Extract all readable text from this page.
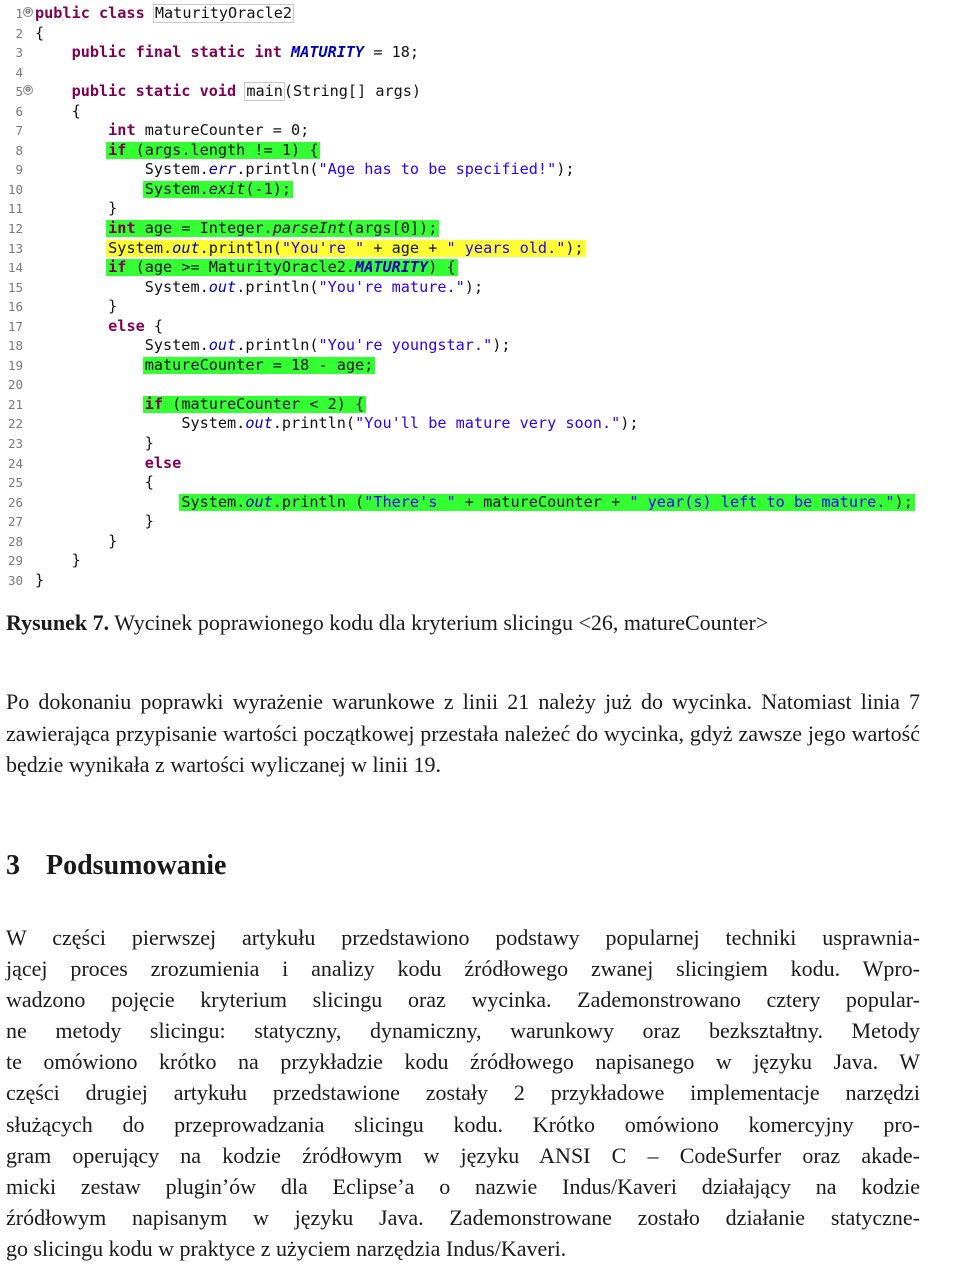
1 ⊖ public class MaturityOracle2
2 {
3	public final static int MATURITY = 18;
4
5 ⊖	public static void main(String[] args)
6	{
7	int matureCounter = 0;
8	if (args.length != 1) {
9	System.err.println("Age has to be specified!");
10	System.exit(-1);
11	}
12	int age = Integer.parseInt(args[0]);
13	System.out.println("You're " + age + " years old.");
14	if (age >= MaturityOracle2.MATURITY) {
15	System.out.println("You're mature.");
16	}
17	else {
18	System.out.println("You're youngstar.");
19	matureCounter = 18 - age;
20
21	if (matureCounter < 2) {
22	System.out.println("You'll be mature very soon.");
23	}
24	else
25	{
26	System.out.println ("There's " + matureCounter + " year(s) left to be mature.");
27	}
28	}
29	}
30 }
Rysunek 7. Wycinek poprawionego kodu dla kryterium slicingu <26, matureCounter>
Po dokonaniu poprawki wyrażenie warunkowe z linii 21 należy już do wycinka. Natomiast linia 7 zawierająca przypisanie wartości początkowej przestała należeć do wycinka, gdyż zawsze jego wartość będzie wynikała z wartości wyliczanej w linii 19.
3 Podsumowanie
W części pierwszej artykułu przedstawiono podstawy popularnej techniki usprawnia-
jącej proces zrozumienia i analizy kodu źródłowego zwanej slicingiem kodu. Wpro-
wadzono pojęcie kryterium slicingu oraz wycinka. Zademonstrowano cztery popular-
ne metody slicingu: statyczny, dynamiczny, warunkowy oraz bezkształtny. Metody
te omówiono krótko na przykładzie kodu źródłowego napisanego w języku Java. W
części drugiej artykułu przedstawione zostały 2 przykładowe implementacje narzędzi
służących do przeprowadzania slicingu kodu. Krótko omówiono komercyjny pro-
gram operujący na kodzie źródłowym w języku ANSI C – CodeSurfer oraz akade-
micki zestaw plugin’ów dla Eclipse’a o nazwie Indus/Kaveri działający na kodzie
źródłowym napisanym w języku Java. Zademonstrowane zostało działanie statyczne-
go slicingu kodu w praktyce z użyciem narzędzia Indus/Kaveri.
